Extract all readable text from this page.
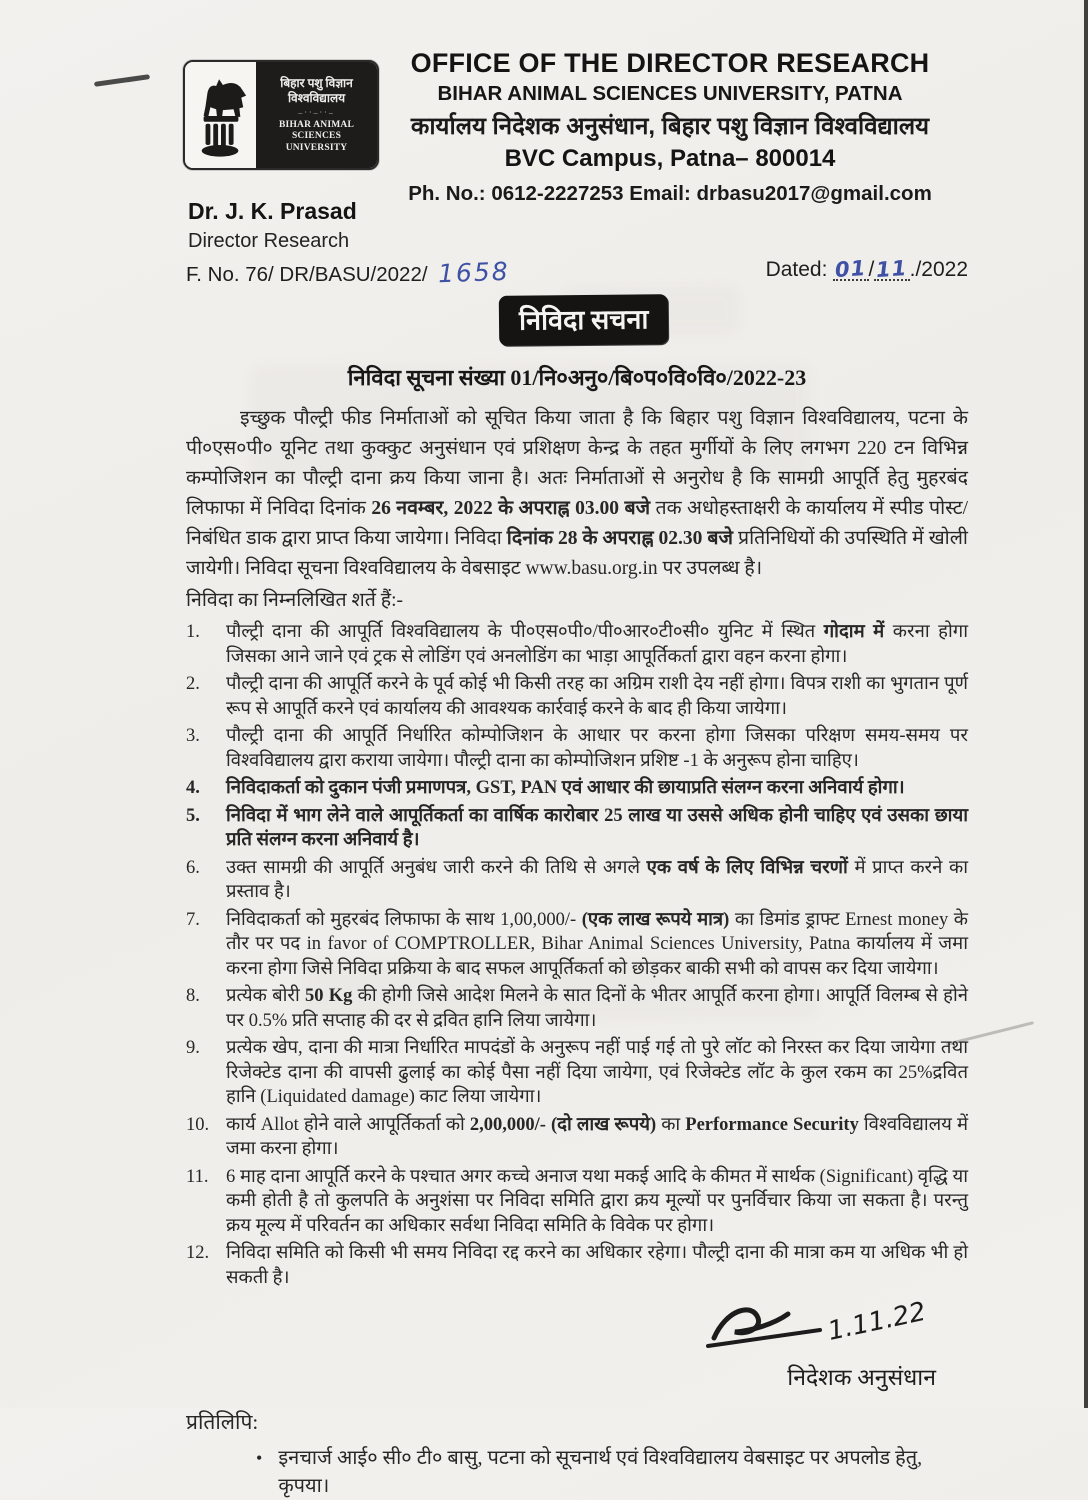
बिहार पशु विज्ञान
विश्वविद्यालय
–··–··–
BIHAR ANIMAL SCIENCES
UNIVERSITY
OFFICE OF THE DIRECTOR RESEARCH
BIHAR ANIMAL SCIENCES UNIVERSITY, PATNA
कार्यालय निदेशक अनुसंधान, बिहार पशु विज्ञान विश्वविद्यालय
BVC Campus, Patna– 800014
Ph. No.: 0612-2227253 Email: drbasu2017@gmail.com
Dr. J. K. Prasad
Director Research
F. No. 76/ DR/BASU/2022/ 1658	Dated: 01/11./2022
निविदा सचना
निविदा सूचना संख्या 01/नि०अनु०/बि०प०वि०वि०/2022-23
इच्छुक पौल्ट्री फीड निर्माताओं को सूचित किया जाता है कि बिहार पशु विज्ञान विश्वविद्यालय, पटना के पी०एस०पी० यूनिट तथा कुक्कुट अनुसंधान एवं प्रशिक्षण केन्द्र के तहत मुर्गीयों के लिए लगभग 220 टन विभिन्न कम्पोजिशन का पौल्ट्री दाना क्रय किया जाना है। अतः निर्माताओं से अनुरोध है कि सामग्री आपूर्ति हेतु मुहरबंद लिफाफा में निविदा दिनांक 26 नवम्बर, 2022 के अपराह्न 03.00 बजे तक अधोहस्ताक्षरी के कार्यालय में स्पीड पोस्ट/निबंधित डाक द्वारा प्राप्त किया जायेगा। निविदा दिनांक 28 के अपराह्न 02.30 बजे प्रतिनिधियों की उपस्थिति में खोली जायेगी। निविदा सूचना विश्वविद्यालय के वेबसाइट www.basu.org.in पर उपलब्ध है।
निविदा का निम्नलिखित शर्ते हैं:-
1.	पौल्ट्री दाना की आपूर्ति विश्वविद्यालय के पी०एस०पी०/पी०आर०टी०सी० युनिट में स्थित गोदाम में करना होगा जिसका आने जाने एवं ट्रक से लोडिंग एवं अनलोडिंग का भाड़ा आपूर्तिकर्ता द्वारा वहन करना होगा।
2.	पौल्ट्री दाना की आपूर्ति करने के पूर्व कोई भी किसी तरह का अग्रिम राशी देय नहीं होगा। विपत्र राशी का भुगतान पूर्ण रूप से आपूर्ति करने एवं कार्यालय की आवश्यक कार्रवाई करने के बाद ही किया जायेगा।
3.	पौल्ट्री दाना की आपूर्ति निर्धारित कोम्पोजिशन के आधार पर करना होगा जिसका परिक्षण समय-समय पर विश्वविद्यालय द्वारा कराया जायेगा। पौल्ट्री दाना का कोम्पोजिशन प्रशिष्ट -1 के अनुरूप होना चाहिए।
4.	निविदाकर्ता को दुकान पंजी प्रमाणपत्र, GST, PAN एवं आधार की छायाप्रति संलग्न करना अनिवार्य होगा।
5.	निविदा में भाग लेने वाले आपूर्तिकर्ता का वार्षिक कारोबार 25 लाख या उससे अधिक होनी चाहिए एवं उसका छाया प्रति संलग्न करना अनिवार्य है।
6.	उक्त सामग्री की आपूर्ति अनुबंध जारी करने की तिथि से अगले एक वर्ष के लिए विभिन्न चरणों में प्राप्त करने का प्रस्ताव है।
7.	निविदाकर्ता को मुहरबंद लिफाफा के साथ 1,00,000/- (एक लाख रूपये मात्र) का डिमांड ड्राफ्ट Ernest money के तौर पर पद in favor of COMPTROLLER, Bihar Animal Sciences University, Patna कार्यालय में जमा करना होगा जिसे निविदा प्रक्रिया के बाद सफल आपूर्तिकर्ता को छोड़कर बाकी सभी को वापस कर दिया जायेगा।
8.	प्रत्येक बोरी 50 Kg की होगी जिसे आदेश मिलने के सात दिनों के भीतर आपूर्ति करना होगा। आपूर्ति विलम्ब से होने पर 0.5% प्रति सप्ताह की दर से द्रवित हानि लिया जायेगा।
9.	प्रत्येक खेप, दाना की मात्रा निर्धारित मापदंडों के अनुरूप नहीं पाई गई तो पुरे लॉट को निरस्त कर दिया जायेगा तथा रिजेक्टेड दाना की वापसी ढुलाई का कोई पैसा नहीं दिया जायेगा, एवं रिजेक्टेड लॉट के कुल रकम का 25%द्रवित हानि (Liquidated damage) काट लिया जायेगा।
10. कार्य Allot होने वाले आपूर्तिकर्ता को 2,00,000/- (दो लाख रूपये) का Performance Security विश्वविद्यालय में जमा करना होगा।
11. 6 माह दाना आपूर्ति करने के पश्चात अगर कच्चे अनाज यथा मकई आदि के कीमत में सार्थक (Significant) वृद्धि या कमी होती है तो कुलपति के अनुशंसा पर निविदा समिति द्वारा क्रय मूल्यों पर पुनर्विचार किया जा सकता है। परन्तु क्रय मूल्य में परिवर्तन का अधिकार सर्वथा निविदा समिति के विवेक पर होगा।
12. निविदा समिति को किसी भी समय निविदा रद्द करने का अधिकार रहेगा। पौल्ट्री दाना की मात्रा कम या अधिक भी हो सकती है।
1.11.22
निदेशक अनुसंधान
प्रतिलिपि:
• इनचार्ज आई० सी० टी० बासु, पटना को सूचनार्थ एवं विश्वविद्यालय वेबसाइट पर अपलोड हेतु, कृपया।
